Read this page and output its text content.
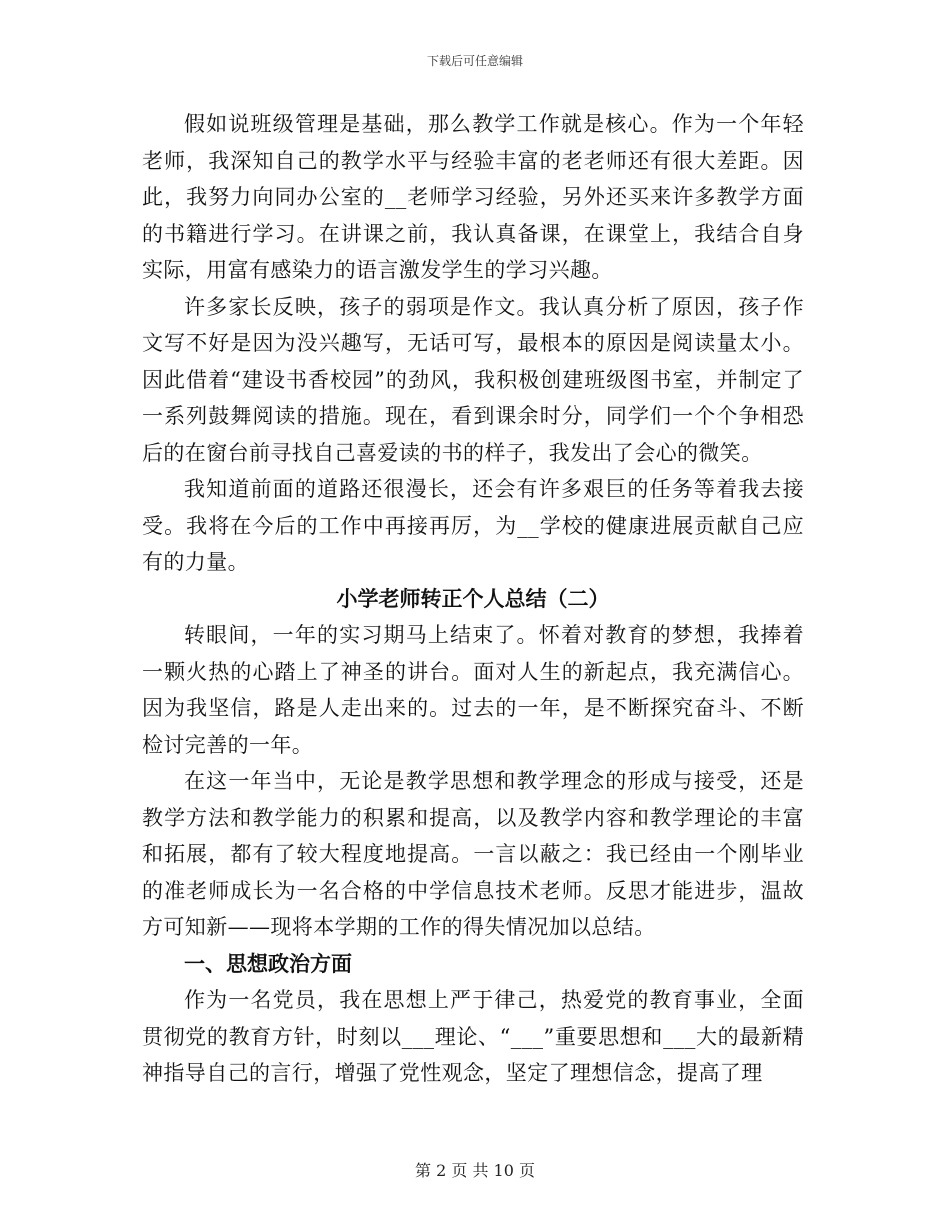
下载后可任意编辑

假如说班级管理是基础，那么教学工作就是核心。作为一个年轻老师，我深知自己的教学水平与经验丰富的老老师还有很大差距。因此，我努力向同办公室的__老师学习经验，另外还买来许多教学方面的书籍进行学习。在讲课之前，我认真备课，在课堂上，我结合自身实际，用富有感染力的语言激发学生的学习兴趣。

许多家长反映，孩子的弱项是作文。我认真分析了原因，孩子作文写不好是因为没兴趣写，无话可写，最根本的原因是阅读量太小。因此借着“建设书香校园”的劲风，我积极创建班级图书室，并制定了一系列鼓舞阅读的措施。现在，看到课余时分，同学们一个个争相恐后的在窗台前寻找自己喜爱读的书的样子，我发出了会心的微笑。

我知道前面的道路还很漫长，还会有许多艰巨的任务等着我去接受。我将在今后的工作中再接再厉，为__学校的健康进展贡献自己应有的力量。

小学老师转正个人总结（二）

转眼间，一年的实习期马上结束了。怀着对教育的梦想，我捧着一颗火热的心踏上了神圣的讲台。面对人生的新起点，我充满信心。因为我坚信，路是人走出来的。过去的一年，是不断探究奋斗、不断检讨完善的一年。

在这一年当中，无论是教学思想和教学理念的形成与接受，还是教学方法和教学能力的积累和提高，以及教学内容和教学理论的丰富和拓展，都有了较大程度地提高。一言以蔽之：我已经由一个刚毕业的准老师成长为一名合格的中学信息技术老师。反思才能进步，温故方可知新——现将本学期的工作的得失情况加以总结。

一、思想政治方面

作为一名党员，我在思想上严于律己，热爱党的教育事业，全面贯彻党的教育方针，时刻以___理论、“___”重要思想和___大的最新精神指导自己的言行，增强了党性观念，坚定了理想信念，提高了理

第 2 页 共 10 页
